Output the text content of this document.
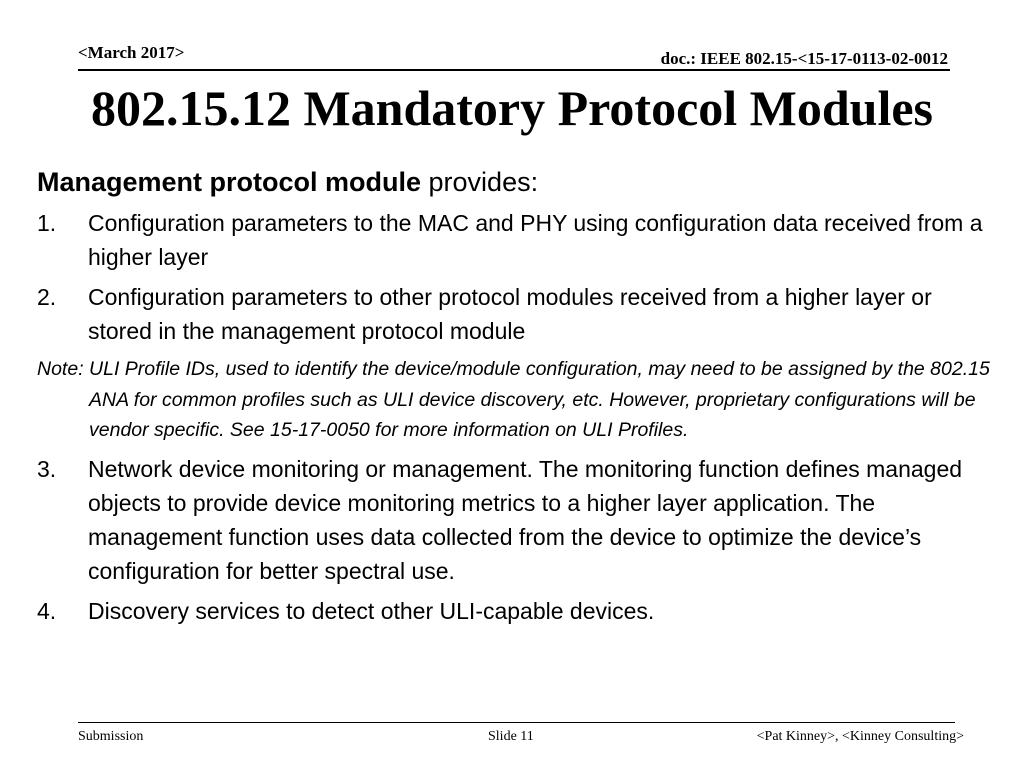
<March 2017>	doc.: IEEE 802.15-<15-17-0113-02-0012
802.15.12 Mandatory Protocol Modules
Management protocol module provides:
1. Configuration parameters to the MAC and PHY using configuration data received from a higher layer
2. Configuration parameters to other protocol modules received from a higher layer or stored in the management protocol module
Note: ULI Profile IDs, used to identify the device/module configuration, may need to be assigned by the 802.15 ANA for common profiles such as ULI device discovery, etc. However, proprietary configurations will be vendor specific. See 15-17-0050 for more information on ULI Profiles.
3. Network device monitoring or management. The monitoring function defines managed objects to provide device monitoring metrics to a higher layer application. The management function uses data collected from the device to optimize the device’s configuration for better spectral use.
4. Discovery services to detect other ULI-capable devices.
Submission	Slide 11	<Pat Kinney>, <Kinney Consulting>
